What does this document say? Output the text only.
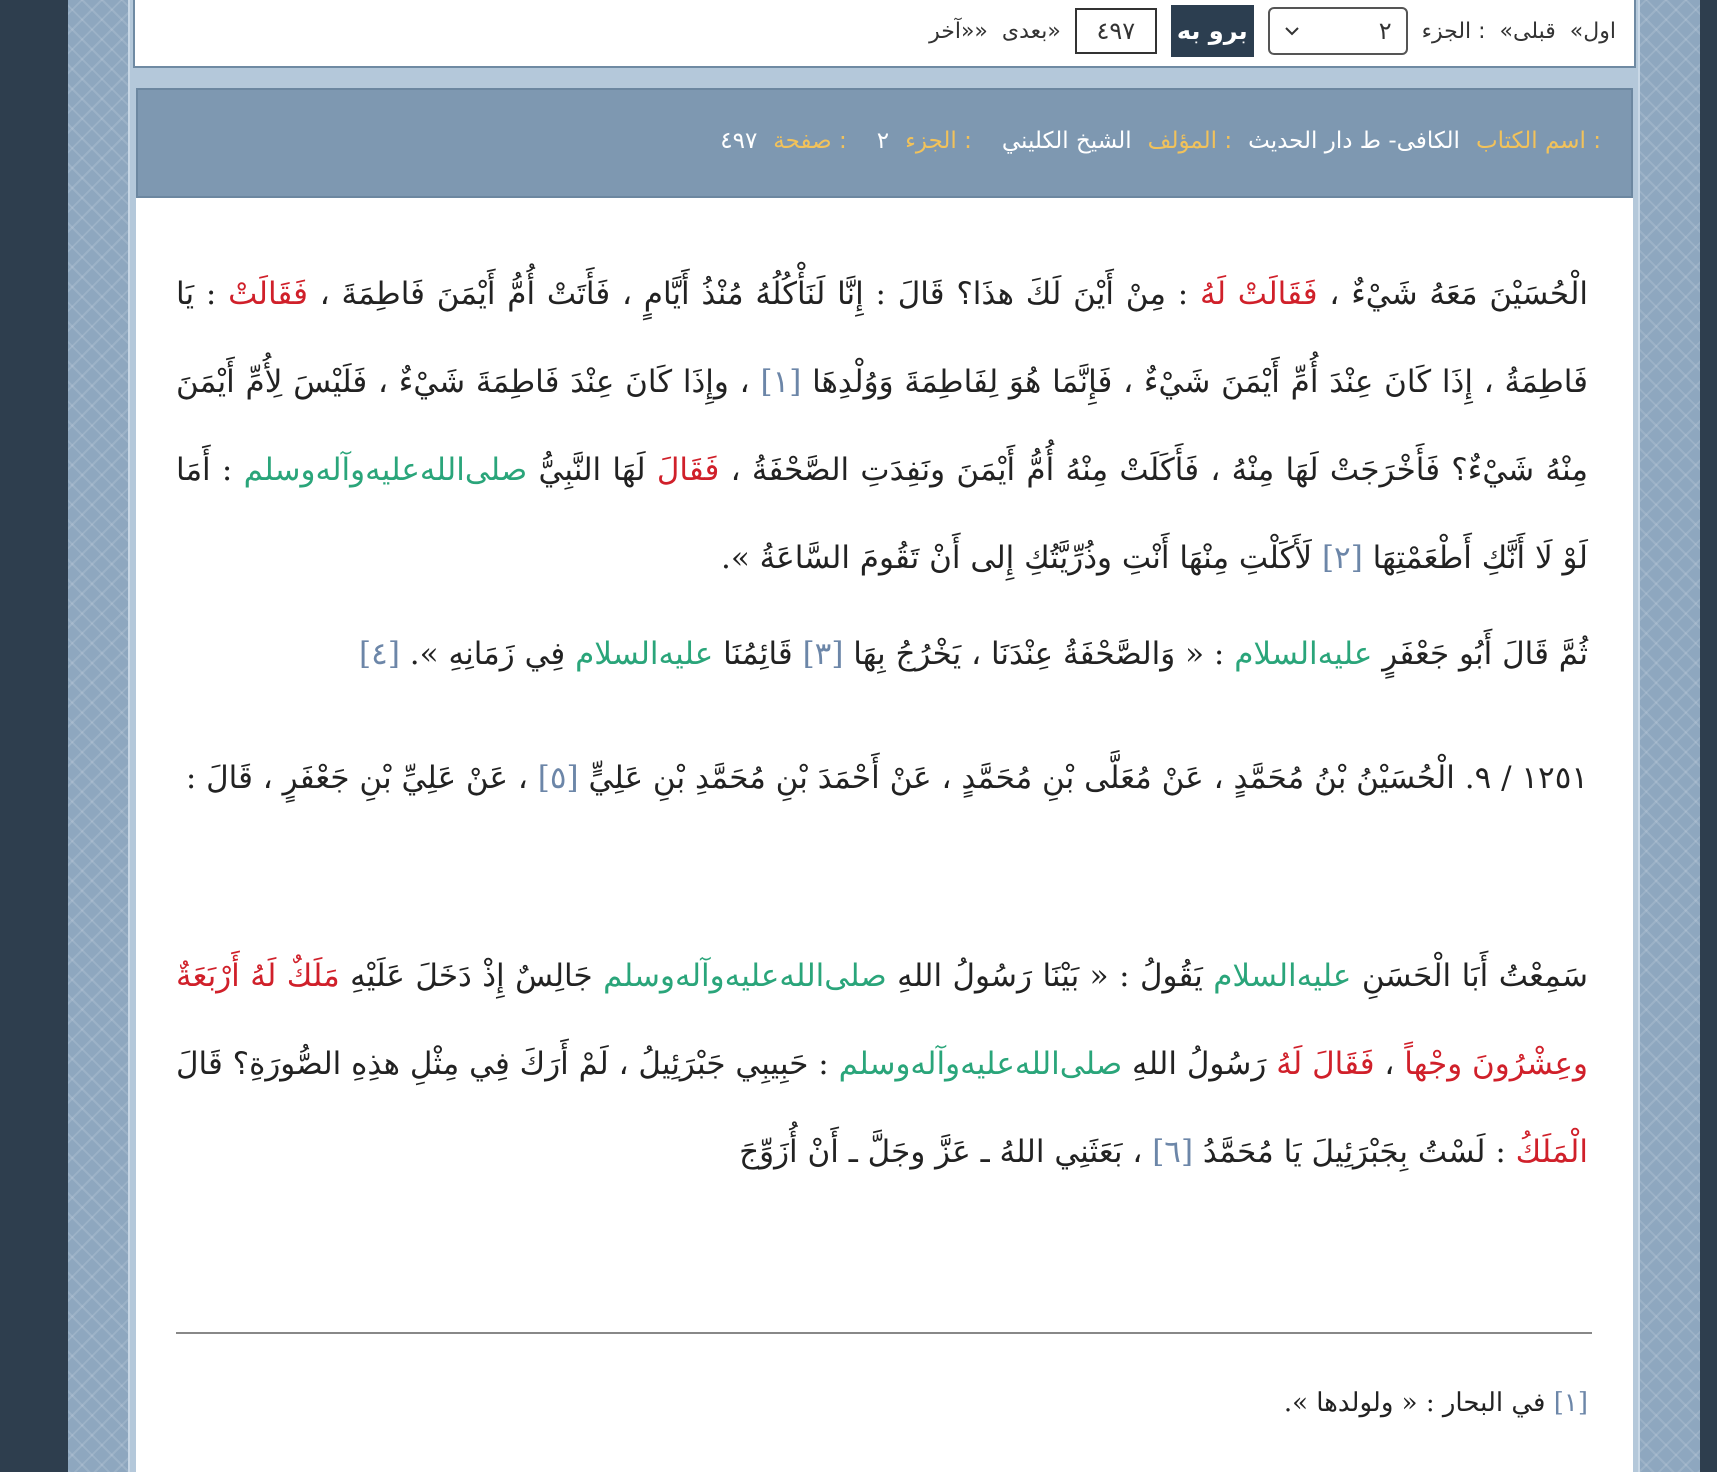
«اول
«قبلی
الجزء :
٢
برو به
٤٩٧
بعدی»
آخر»»
اسم الكتاب :
الكافی- ط دار الحديث
المؤلف :
الشيخ الكليني
الجزء :
٢
صفحة :
٤٩٧
الْحُسَيْنَ مَعَهُ شَيْءٌ ، فَقَالَتْ لَهُ : مِنْ أَيْنَ لَكَ هذَا؟ قَالَ : إِنَّا لَنَأْكُلُهُ مُنْذُ أَيَّامٍ ، فَأَتَتْ أُمُّ أَيْمَنَ فَاطِمَةَ ، فَقَالَتْ : يَا فَاطِمَةُ ، إِذَا كَانَ عِنْدَ أُمِّ أَيْمَنَ شَيْءٌ ، فَإِنَّمَا هُوَ لِفَاطِمَةَ وَوُلْدِهَا [١] ، وإِذَا كَانَ عِنْدَ فَاطِمَةَ شَيْءٌ ، فَلَيْسَ لِأُمِّ أَيْمَنَ مِنْهُ شَيْءٌ؟ فَأَخْرَجَتْ لَهَا مِنْهُ ، فَأَكَلَتْ مِنْهُ أُمُّ أَيْمَنَ ونَفِدَتِ الصَّحْفَةُ ، فَقَالَ لَهَا النَّبِيُّ صلى‌الله‌عليه‌وآله‌وسلم : أَمَا لَوْ لَا أَنَّكِ أَطْعَمْتِهَا [٢] لَأَكَلْتِ مِنْهَا أَنْتِ وذُرِّيَّتُكِ إِلى أَنْ تَقُومَ السَّاعَةُ ».
ثُمَّ قَالَ أَبُو جَعْفَرٍ عليه‌السلام : « وَالصَّحْفَةُ عِنْدَنَا ، يَخْرُجُ بِهَا [٣] قَائِمُنَا عليه‌السلام فِي زَمَانِهِ ». [٤]
١٢٥١ / ٩. الْحُسَيْنُ بْنُ مُحَمَّدٍ ، عَنْ مُعَلَّى بْنِ مُحَمَّدٍ ، عَنْ أَحْمَدَ بْنِ مُحَمَّدِ بْنِ عَلِيٍّ [٥] ، عَنْ عَلِيِّ بْنِ جَعْفَرٍ ، قَالَ :
سَمِعْتُ أَبَا الْحَسَنِ عليه‌السلام يَقُولُ : « بَيْنَا رَسُولُ اللهِ صلى‌الله‌عليه‌وآله‌وسلم جَالِسٌ إِذْ دَخَلَ عَلَيْهِ مَلَكٌ لَهُ أَرْبَعَةٌ وعِشْرُونَ وجْهاً ، فَقَالَ لَهُ رَسُولُ اللهِ صلى‌الله‌عليه‌وآله‌وسلم : حَبِيبِي جَبْرَئِيلُ ، لَمْ أَرَكَ فِي مِثْلِ هذِهِ الصُّورَةِ؟ قَالَ الْمَلَكُ : لَسْتُ بِجَبْرَئِيلَ يَا مُحَمَّدُ [٦] ، بَعَثَنِي اللهُ ـ عَزَّ وجَلَّ ـ أَنْ أُزَوِّجَ
[١] في البحار : « ولولدها ».
